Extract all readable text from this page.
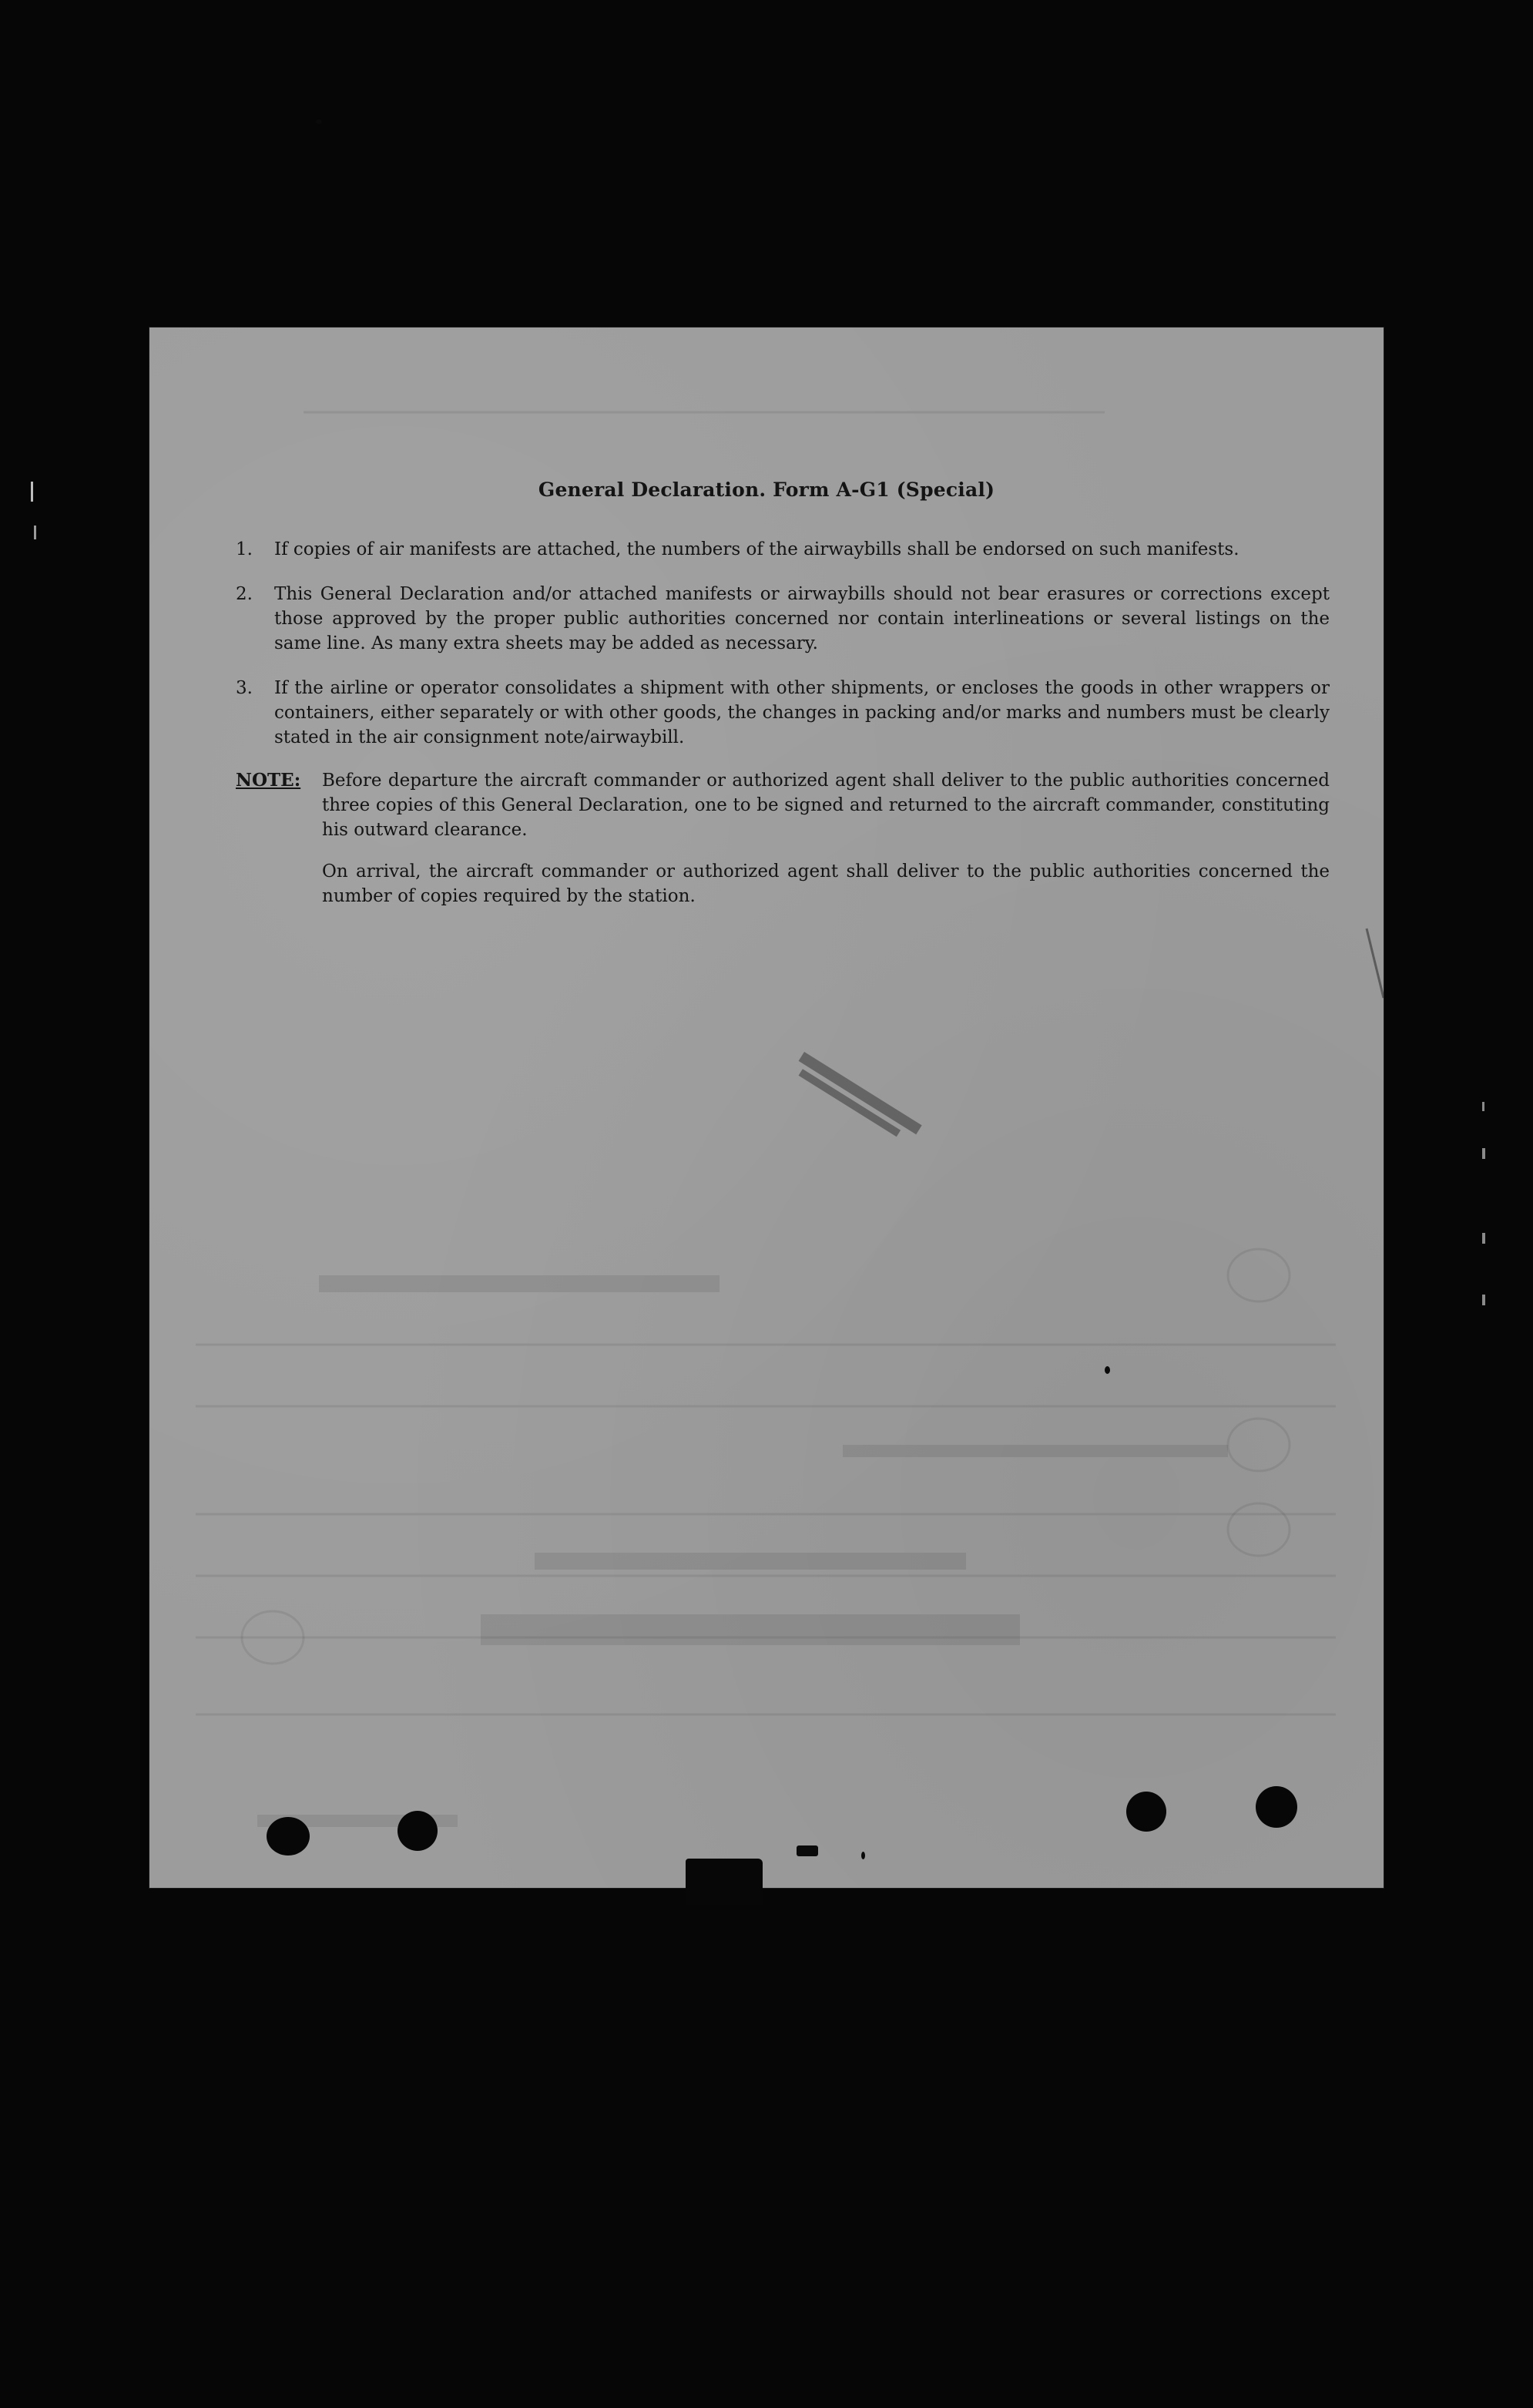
General Declaration. Form A-G1 (Special)
1.	If copies of air manifests are attached, the numbers of the airwaybills shall be endorsed on such manifests.
2.	This General Declaration and/or attached manifests or airwaybills should not bear erasures or corrections except those approved by the proper public authorities concerned nor contain interlineations or several listings on the same line. As many extra sheets may be added as necessary.
3.	If the airline or operator consolidates a shipment with other shipments, or encloses the goods in other wrappers or containers, either separately or with other goods, the changes in packing and/or marks and numbers must be clearly stated in the air consignment note/airwaybill.
NOTE:	Before departure the aircraft commander or authorized agent shall deliver to the public authorities concerned three copies of this General Declaration, one to be signed and returned to the aircraft commander, constituting his outward clearance.
On arrival, the aircraft commander or authorized agent shall deliver to the public authorities concerned the number of copies required by the station.
